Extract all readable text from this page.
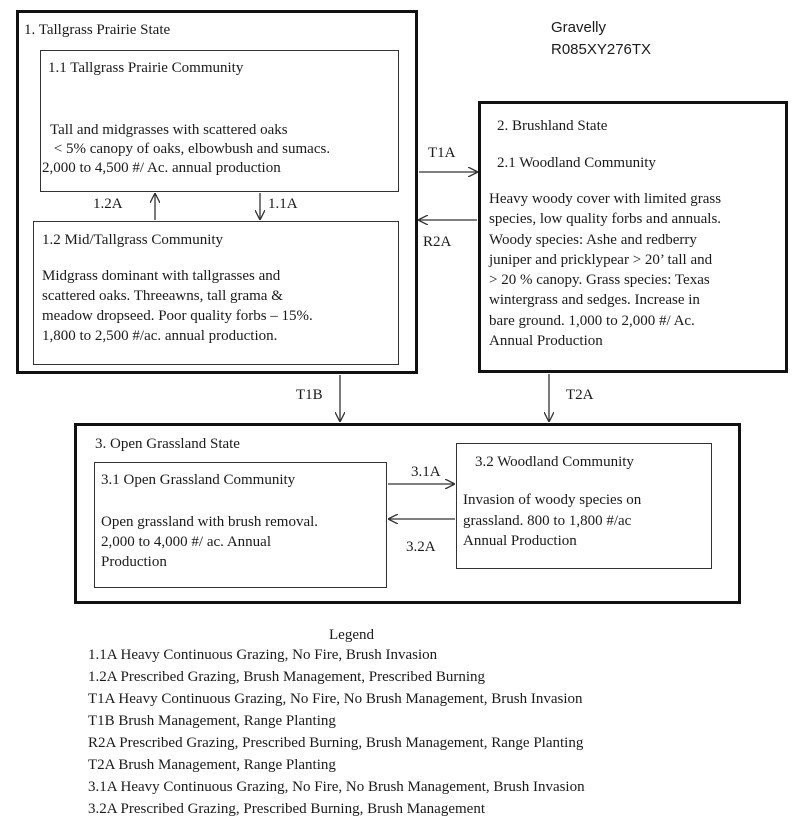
Gravelly
R085XY276TX
1. Tallgrass Prairie State
1.1 Tallgrass Prairie Community
Tall and midgrasses with scattered oaks
< 5% canopy of oaks, elbowbush and sumacs.
2,000 to 4,500 #/ Ac. annual production
1.2 Mid/Tallgrass Community
Midgrass dominant with tallgrasses and
scattered oaks. Threeawns, tall grama &
meadow dropseed. Poor quality forbs – 15%.
1,800 to 2,500 #/ac. annual production.
2. Brushland State
2.1 Woodland Community
Heavy woody cover with limited grass
species, low quality forbs and annuals.
Woody species: Ashe and redberry
juniper and pricklypear > 20’ tall and
> 20 % canopy. Grass species: Texas
wintergrass and sedges. Increase in
bare ground. 1,000 to 2,000 #/ Ac.
Annual Production
3. Open Grassland State
3.1 Open Grassland Community
Open grassland with brush removal.
2,000 to 4,000 #/ ac. Annual
Production
3.2 Woodland Community
Invasion of woody species on
grassland. 800 to 1,800 #/ac
Annual Production
1.2A	1.1A
T1A
R2A
T1B	T2A
3.1A
3.2A
Legend
1.1A Heavy Continuous Grazing, No Fire, Brush Invasion
1.2A Prescribed Grazing, Brush Management, Prescribed Burning
T1A Heavy Continuous Grazing, No Fire, No Brush Management, Brush Invasion
T1B Brush Management, Range Planting
R2A Prescribed Grazing, Prescribed Burning, Brush Management, Range Planting
T2A Brush Management, Range Planting
3.1A Heavy Continuous Grazing, No Fire, No Brush Management, Brush Invasion
3.2A Prescribed Grazing, Prescribed Burning, Brush Management
